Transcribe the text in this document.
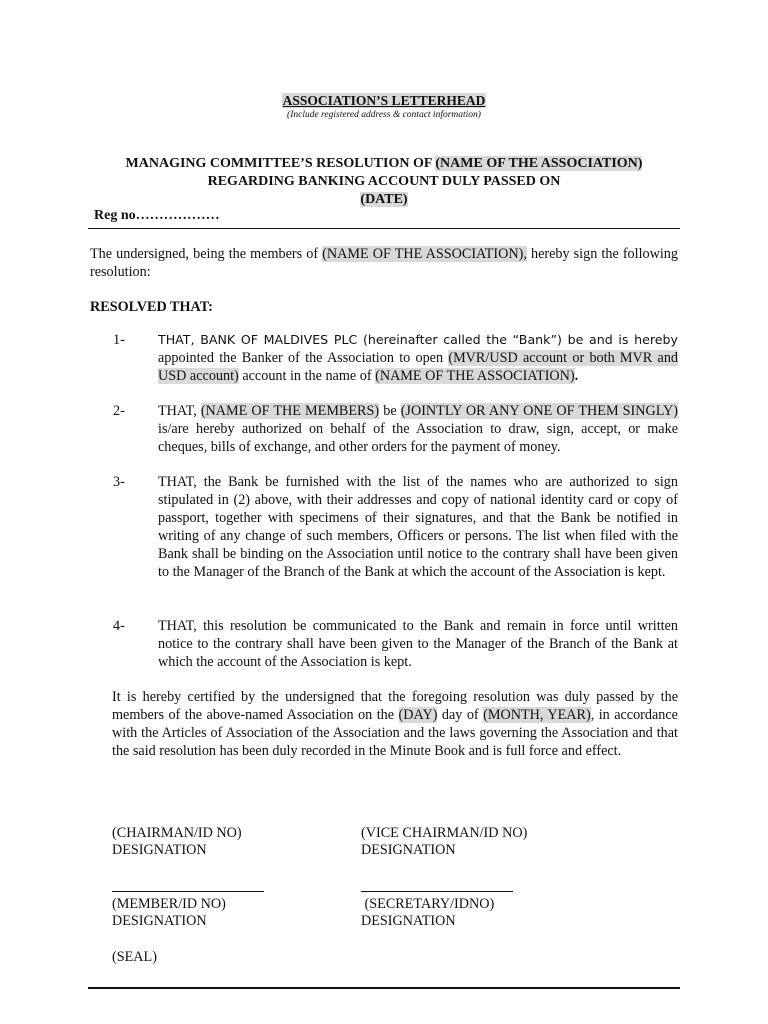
ASSOCIATION’S LETTERHEAD
(Include registered address & contact information)
MANAGING COMMITTEE’S RESOLUTION OF (NAME OF THE ASSOCIATION)
REGARDING BANKING ACCOUNT DULY PASSED ON
(DATE)
Reg no………………
The undersigned, being the members of (NAME OF THE ASSOCIATION), hereby sign the following resolution:
RESOLVED THAT:
1-	THAT, BANK OF MALDIVES PLC (hereinafter called the “Bank”) be and is hereby appointed the Banker of the Association to open (MVR/USD account or both MVR and USD account) account in the name of (NAME OF THE ASSOCIATION).
2- THAT, (NAME OF THE MEMBERS) be (JOINTLY OR ANY ONE OF THEM SINGLY) is/are hereby authorized on behalf of the Association to draw, sign, accept, or make cheques, bills of exchange, and other orders for the payment of money.
3- THAT, the Bank be furnished with the list of the names who are authorized to sign stipulated in (2) above, with their addresses and copy of national identity card or copy of passport, together with specimens of their signatures, and that the Bank be notified in writing of any change of such members, Officers or persons. The list when filed with the Bank shall be binding on the Association until notice to the contrary shall have been given to the Manager of the Branch of the Bank at which the account of the Association is kept.
4- THAT, this resolution be communicated to the Bank and remain in force until written notice to the contrary shall have been given to the Manager of the Branch of the Bank at which the account of the Association is kept.
It is hereby certified by the undersigned that the foregoing resolution was duly passed by the members of the above-named Association on the (DAY) day of (MONTH, YEAR), in accordance with the Articles of Association of the Association and the laws governing the Association and that the said resolution has been duly recorded in the Minute Book and is full force and effect.
(CHAIRMAN/ID NO)
DESIGNATION
(VICE CHAIRMAN/ID NO)
DESIGNATION
(MEMBER/ID NO)
DESIGNATION
(SECRETARY/IDNO)
DESIGNATION
(SEAL)
